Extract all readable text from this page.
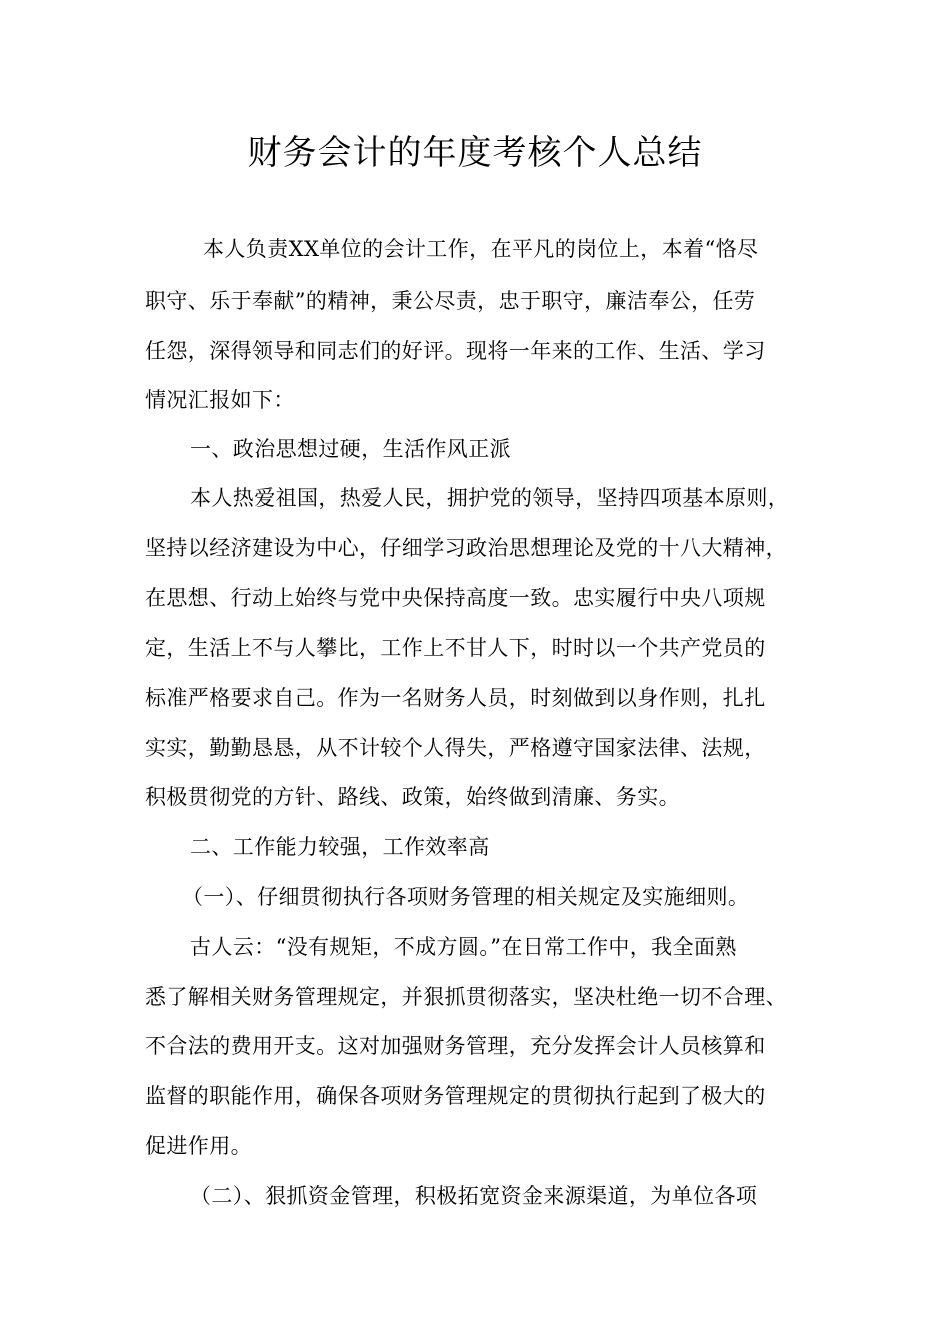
财务会计的年度考核个人总结
本人负责XX单位的会计工作，在平凡的岗位上，本着“恪尽
职守、乐于奉献”的精神，秉公尽责，忠于职守，廉洁奉公，任劳
任怨，深得领导和同志们的好评。现将一年来的工作、生活、学习
情况汇报如下：
一、政治思想过硬，生活作风正派
本人热爱祖国，热爱人民，拥护党的领导，坚持四项基本原则，
坚持以经济建设为中心，仔细学习政治思想理论及党的十八大精神，
在思想、行动上始终与党中央保持高度一致。忠实履行中央八项规
定，生活上不与人攀比，工作上不甘人下，时时以一个共产党员的
标准严格要求自己。作为一名财务人员，时刻做到以身作则，扎扎
实实，勤勤恳恳，从不计较个人得失，严格遵守国家法律、法规，
积极贯彻党的方针、路线、政策，始终做到清廉、务实。
二、工作能力较强，工作效率高
（一）、仔细贯彻执行各项财务管理的相关规定及实施细则。
古人云：“没有规矩，不成方圆。”在日常工作中，我全面熟
悉了解相关财务管理规定，并狠抓贯彻落实，坚决杜绝一切不合理、
不合法的费用开支。这对加强财务管理，充分发挥会计人员核算和
监督的职能作用，确保各项财务管理规定的贯彻执行起到了极大的
促进作用。
（二）、狠抓资金管理，积极拓宽资金来源渠道，为单位各项
